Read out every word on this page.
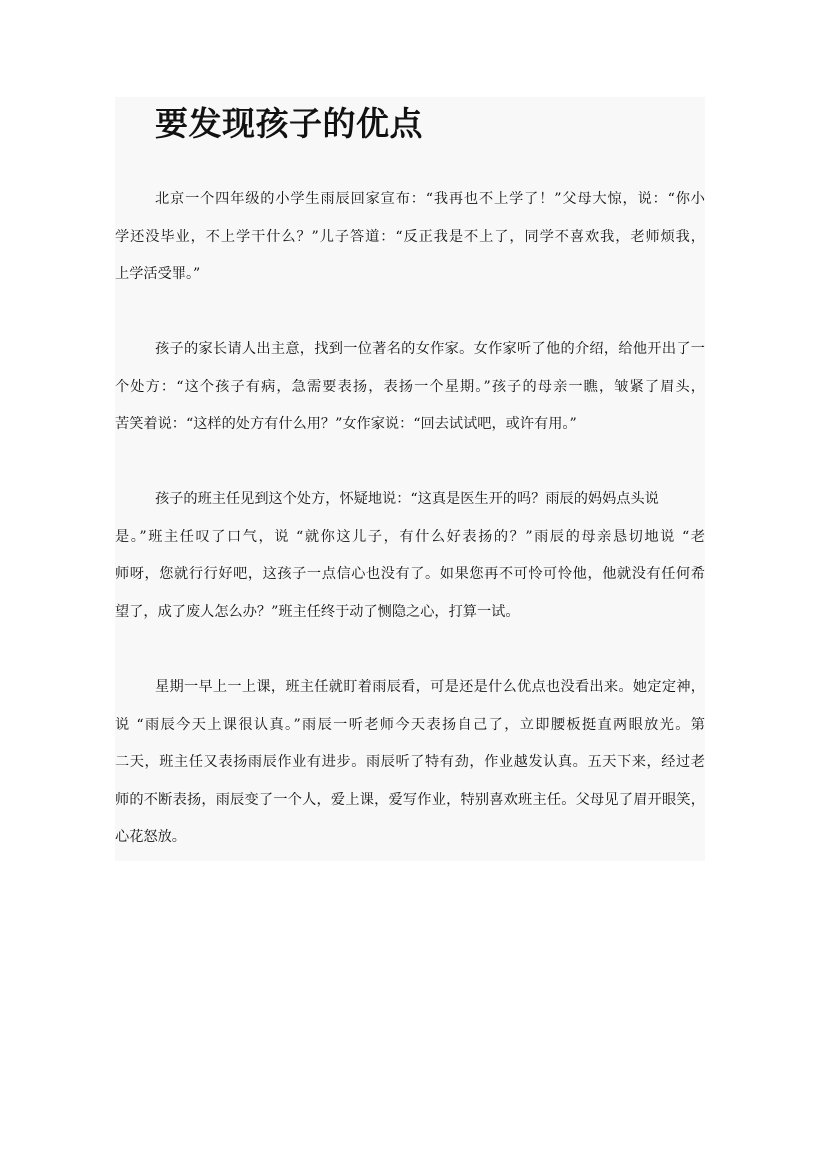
要发现孩子的优点
北京一个四年级的小学生雨辰回家宣布：“我再也不上学了！”父母大惊，说：“你小
学还没毕业，不上学干什么？”儿子答道：“反正我是不上了，同学不喜欢我，老师烦我，
上学活受罪。”
孩子的家长请人出主意，找到一位著名的女作家。女作家听了他的介绍，给他开出了一
个处方：“这个孩子有病，急需要表扬，表扬一个星期。”孩子的母亲一瞧，皱紧了眉头，
苦笑着说：“这样的处方有什么用？”女作家说：“回去试试吧，或许有用。”
孩子的班主任见到这个处方，怀疑地说：“这真是医生开的吗？雨辰的妈妈点头说
是。”班主任叹了口气，说 “就你这儿子，有什么好表扬的？”雨辰的母亲恳切地说 “老
师呀，您就行行好吧，这孩子一点信心也没有了。如果您再不可怜可怜他，他就没有任何希
望了，成了废人怎么办？”班主任终于动了恻隐之心，打算一试。
星期一早上一上课，班主任就盯着雨辰看，可是还是什么优点也没看出来。她定定神，
说 “雨辰今天上课很认真。”雨辰一听老师今天表扬自己了，立即腰板挺直两眼放光。第
二天，班主任又表扬雨辰作业有进步。雨辰听了特有劲，作业越发认真。五天下来，经过老
师的不断表扬，雨辰变了一个人，爱上课，爱写作业，特别喜欢班主任。父母见了眉开眼笑，
心花怒放。
